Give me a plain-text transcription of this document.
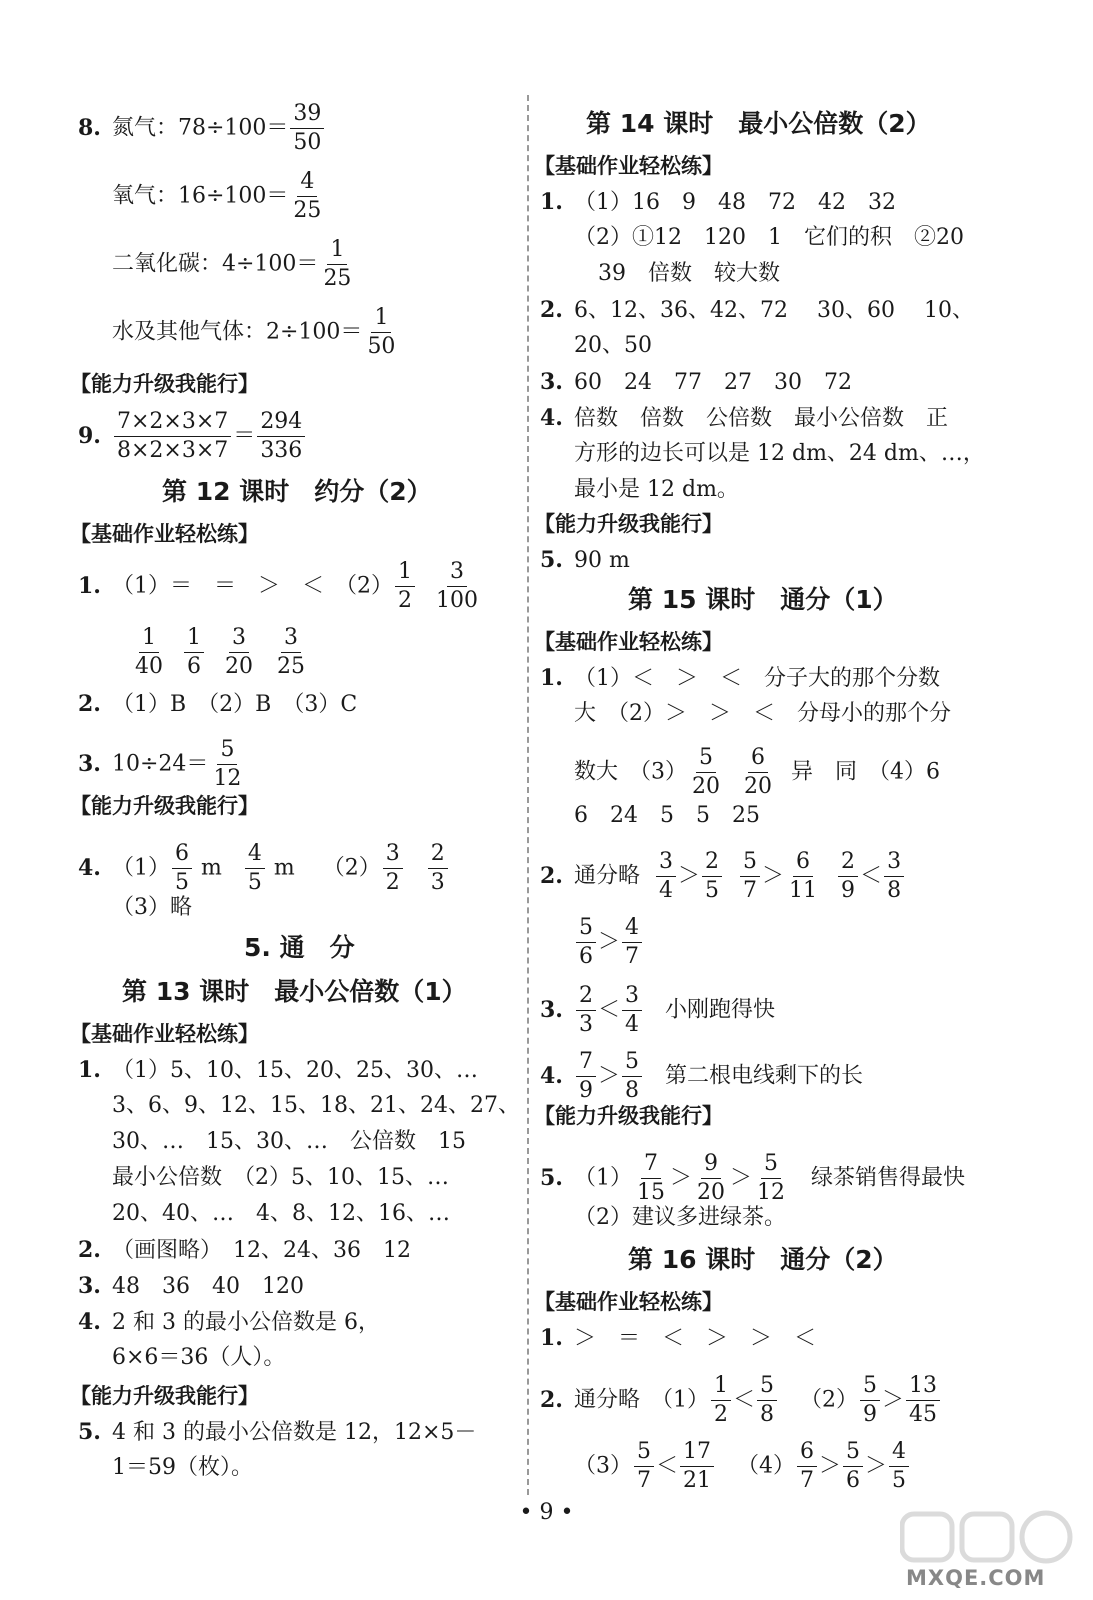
8. 氮气：$78\div 100= \frac{39}{50}$
氧气：$16\div 100= \frac{4}{25}$
二氧化碳：$4\div 100= \frac{1}{25}$
水及其他气体：$2\div 100= \frac{1}{50}$
【能力升级我能行】
9. $\frac{7\times 2\times 3\times 7}{8\times 2\times 3\times 7} = \frac{294}{336}$
第 12 课时　约分（2）
【基础作业轻松练】
1. （1）＝　＝　＞　＜　$(2) \frac{1}{2}$
$\frac{3}{100}$
$\frac{1}{40}$
$\frac{1}{6}$
$\frac{3}{20}$
$\frac{3}{25}$
2. （1）B　（2）B　（3）C
3. $10\div 24= \frac{5}{12}$
【能力升级我能行】
4. $(1) \frac{6}{5}$ m $\frac{4}{5}$ m $(2) \frac{3}{2}$
$\frac{2}{3}$
（3）略
5. 通　分
第 13 课时　最小公倍数（1）
【基础作业轻松练】
1. （1）5、10、15、20、25、30、…
3、6、9、12、15、18、21、24、27、
30、…　15、30、…　公倍数　15
最小公倍数　（2）5、10、15、…
20、40、…　4、8、12、16、…
2. （画图略）　12、24、36　12
3. 48　36　40　120
4. 2 和 3 的最小公倍数是 6，
6×6＝36（人）。
【能力升级我能行】
5. 4 和 3 的最小公倍数是 12，12×5－
1＝59（枚）。
第 14 课时　最小公倍数（2）
【基础作业轻松练】
1. （1）16　9　48　72　42　32
（2）①12　120　1　它们的积　②20
39　倍数　较大数
2. 6、12、36、42、72　 30、60　 10、
20、50
3. 60　24　77　27　30　72
4. 倍数　倍数　公倍数　最小公倍数　正
方形的边长可以是 12 dm、24 dm、…，
最小是 12 dm。
【能力升级我能行】
5. 90 m
第 15 课时　通分（1）
【基础作业轻松练】
1. （1）＜　＞　＜　分子大的那个分数
大　（2）＞　＞　＜　分母小的那个分
数大　$(3) \frac{5}{20}$
$\frac{6}{20}$ 异　同　（4）6
6　24　5　5　25
2. 通分略 $\frac{3}{4} > \frac{2}{5}$
$\frac{5}{7} > \frac{6}{11}$
$\frac{2}{9} < \frac{3}{8}$
$\frac{5}{6} > \frac{4}{7}$
3. $\frac{2}{3} < \frac{3}{4}$ 小刚跑得快
4. $\frac{7}{9} > \frac{5}{8}$ 第二根电线剩下的长
【能力升级我能行】
5. $(1) \frac{7}{15} > \frac{9}{20} > \frac{5}{12}$ 绿茶销售得最快
（2）建议多进绿茶。
第 16 课时　通分（2）
【基础作业轻松练】
1. ＞　＝　＜　＞　＞　＜
2. 通分略　$(1) \frac{1}{2} < \frac{5}{8} (2) \frac{5}{9} > \frac{13}{45}$
$(3) \frac{5}{7} < \frac{17}{21} (4) \frac{6}{7} > \frac{5}{6} > \frac{4}{5}$
• 9 •
MXQE.COM
